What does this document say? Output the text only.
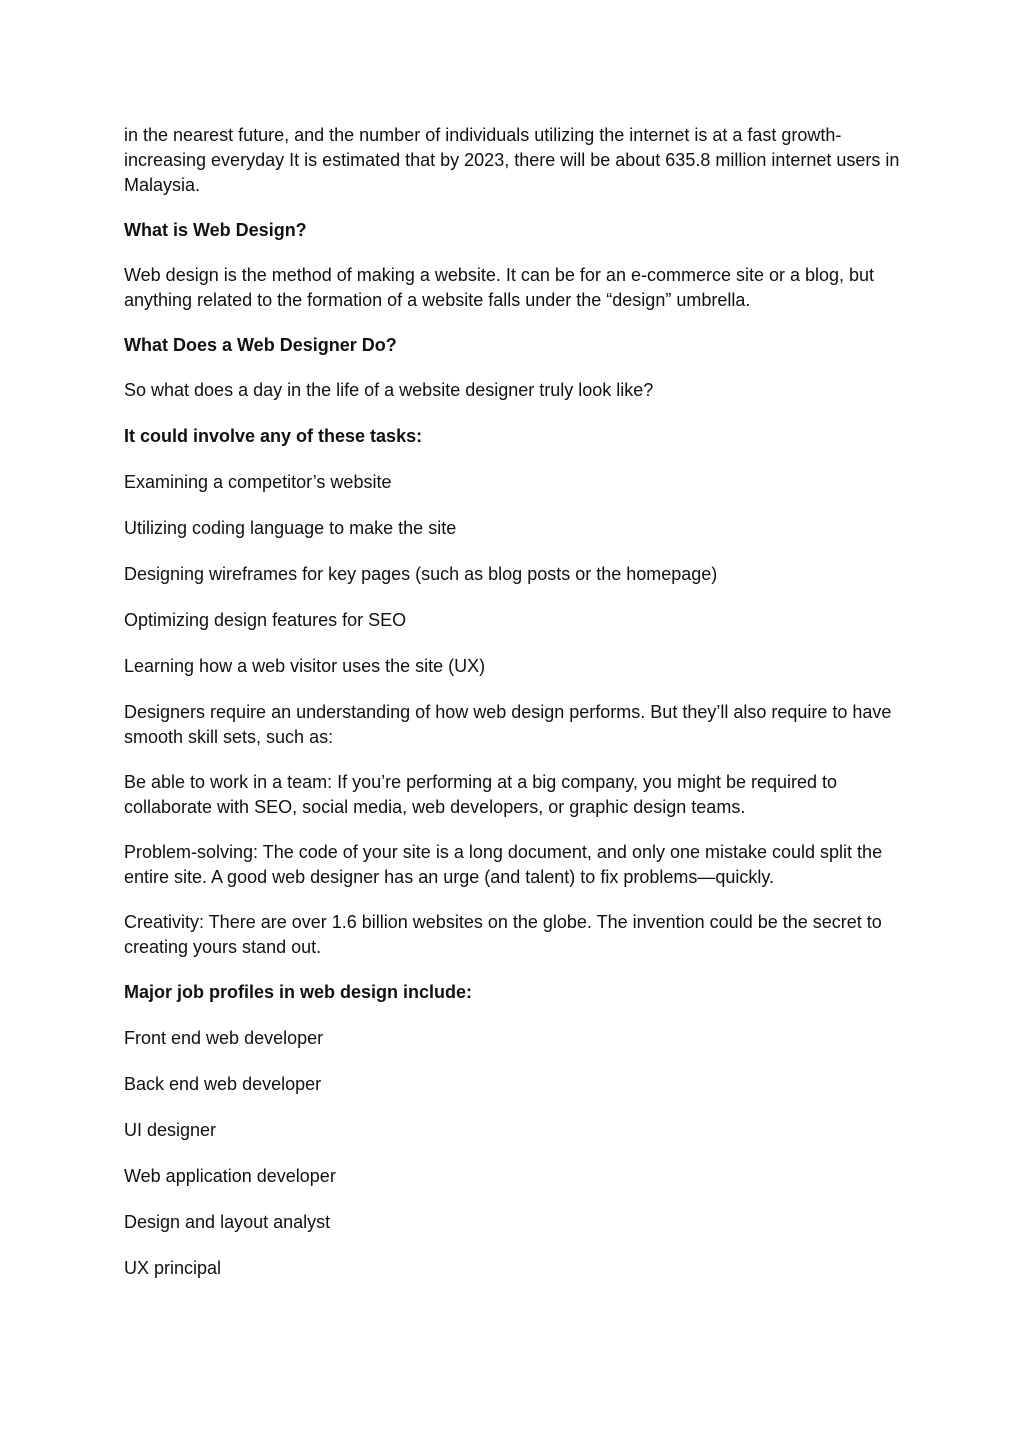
in the nearest future, and the number of individuals utilizing the internet is at a fast growth-increasing everyday It is estimated that by 2023, there will be about 635.8 million internet users in Malaysia.

What is Web Design?

Web design is the method of making a website. It can be for an e-commerce site or a blog, but anything related to the formation of a website falls under the “design” umbrella.

What Does a Web Designer Do?

So what does a day in the life of a website designer truly look like?

It could involve any of these tasks:

Examining a competitor’s website

Utilizing coding language to make the site

Designing wireframes for key pages (such as blog posts or the homepage)

Optimizing design features for SEO

Learning how a web visitor uses the site (UX)

Designers require an understanding of how web design performs. But they’ll also require to have smooth skill sets, such as:

Be able to work in a team: If you’re performing at a big company, you might be required to collaborate with SEO, social media, web developers, or graphic design teams.

Problem-solving: The code of your site is a long document, and only one mistake could split the entire site. A good web designer has an urge (and talent) to fix problems—quickly.

Creativity: There are over 1.6 billion websites on the globe. The invention could be the secret to creating yours stand out.

Major job profiles in web design include:

Front end web developer

Back end web developer

UI designer

Web application developer

Design and layout analyst

UX principal
